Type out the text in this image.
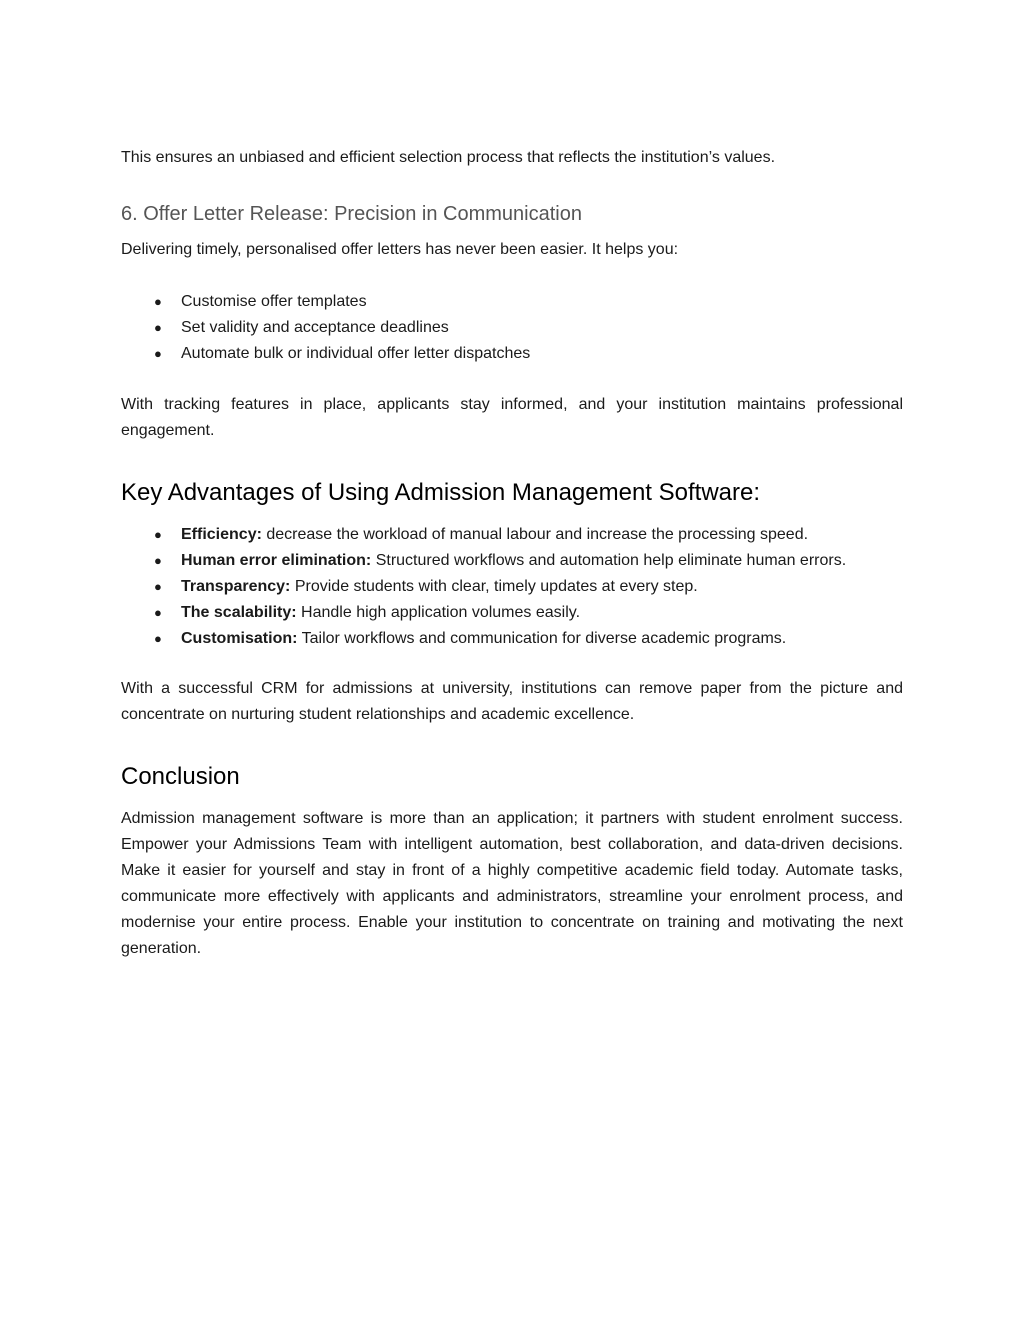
This ensures an unbiased and efficient selection process that reflects the institution’s values.

6. Offer Letter Release: Precision in Communication

Delivering timely, personalised offer letters has never been easier. It helps you:

● Customise offer templates
● Set validity and acceptance deadlines
● Automate bulk or individual offer letter dispatches

With tracking features in place, applicants stay informed, and your institution maintains professional engagement.

Key Advantages of Using Admission Management Software:
● Efficiency: decrease the workload of manual labour and increase the processing speed.
● Human error elimination: Structured workflows and automation help eliminate human errors.
● Transparency: Provide students with clear, timely updates at every step.
● The scalability: Handle high application volumes easily.
● Customisation: Tailor workflows and communication for diverse academic programs.

With a successful CRM for admissions at university, institutions can remove paper from the picture and concentrate on nurturing student relationships and academic excellence.

Conclusion

Admission management software is more than an application; it partners with student enrolment success. Empower your Admissions Team with intelligent automation, best collaboration, and data-driven decisions. Make it easier for yourself and stay in front of a highly competitive academic field today. Automate tasks, communicate more effectively with applicants and administrators, streamline your enrolment process, and modernise your entire process. Enable your institution to concentrate on training and motivating the next generation.
